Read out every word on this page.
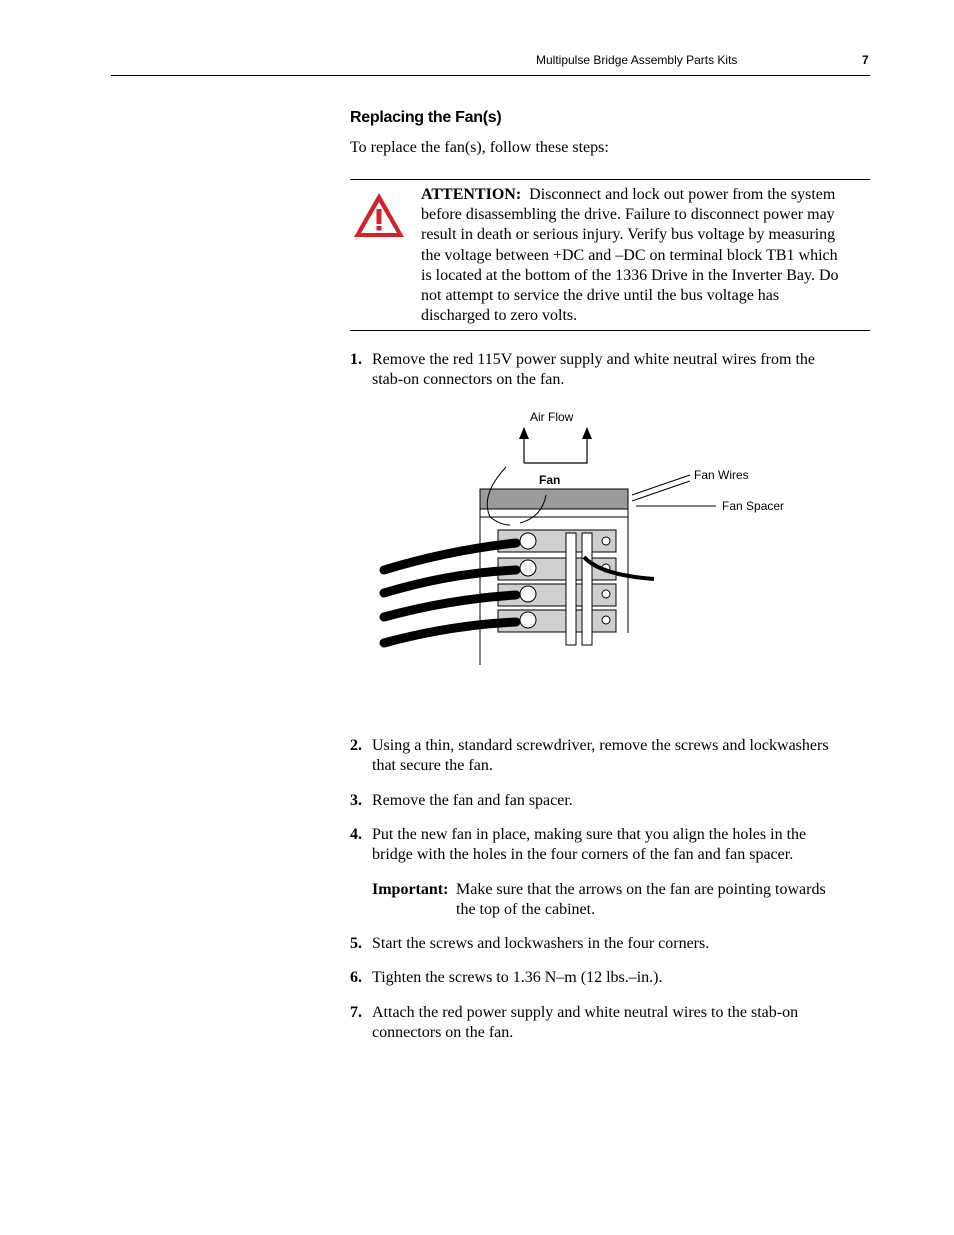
Multipulse Bridge Assembly Parts Kits	7
Replacing the Fan(s)
To replace the fan(s), follow these steps:
ATTENTION: Disconnect and lock out power from the system
before disassembling the drive. Failure to disconnect power may
result in death or serious injury. Verify bus voltage by measuring
the voltage between +DC and –DC on terminal block TB1 which
is located at the bottom of the 1336 Drive in the Inverter Bay. Do
not attempt to service the drive until the bus voltage has
discharged to zero volts.
1. Remove the red 115V power supply and white neutral wires from the
stab-on connectors on the fan.
Air Flow
Fan	Fan Wires
Fan Spacer
2. Using a thin, standard screwdriver, remove the screws and lockwashers
that secure the fan.
3. Remove the fan and fan spacer.
4. Put the new fan in place, making sure that you align the holes in the
bridge with the holes in the four corners of the fan and fan spacer.
Important: Make sure that the arrows on the fan are pointing towards
the top of the cabinet.
5. Start the screws and lockwashers in the four corners.
6. Tighten the screws to 1.36 N–m (12 lbs.–in.).
7. Attach the red power supply and white neutral wires to the stab-on
connectors on the fan.
